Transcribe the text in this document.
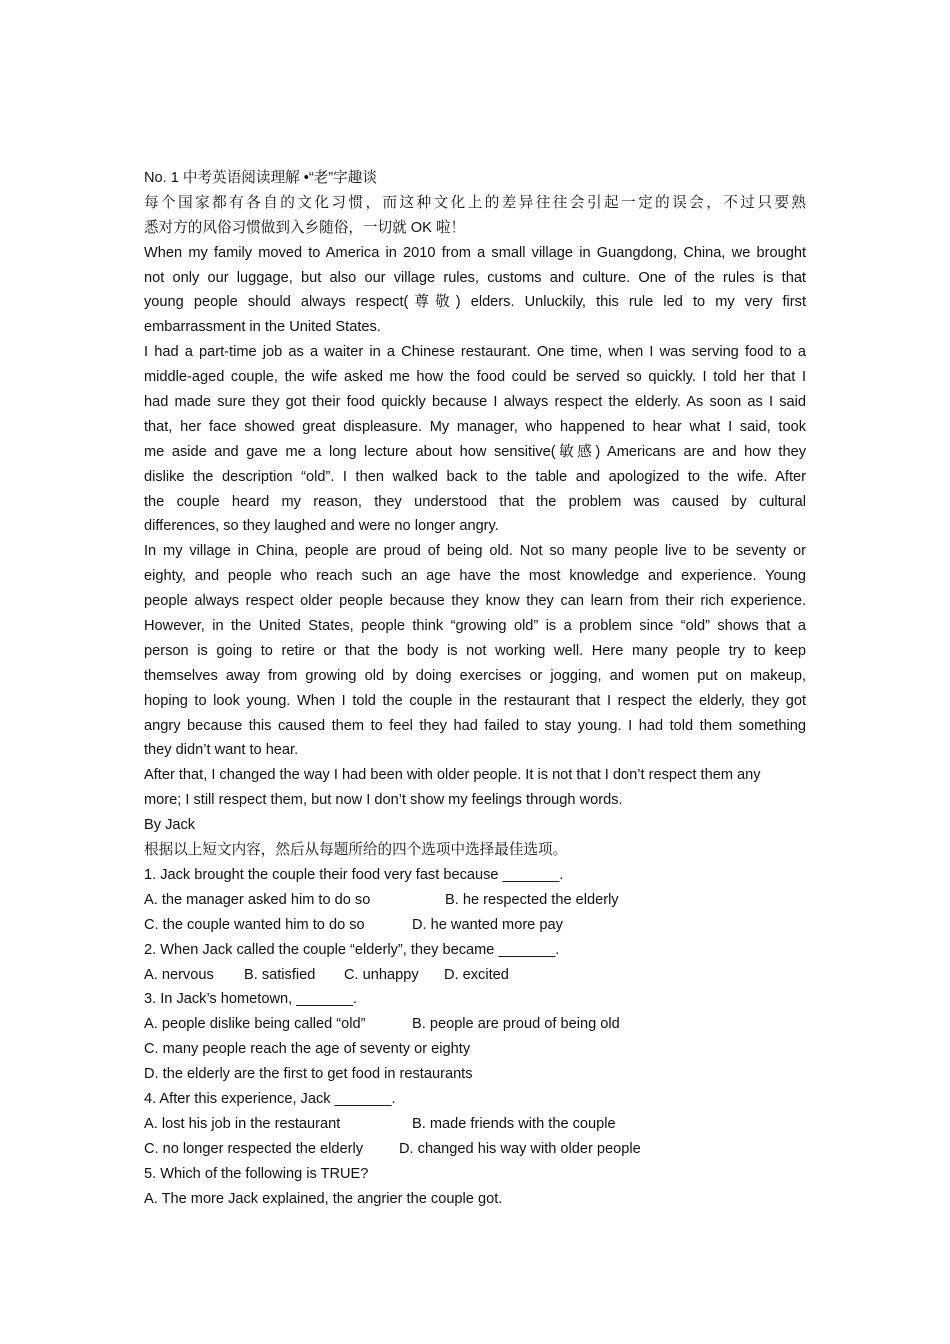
No. 1 中考英语阅读理解 •“老”字趣谈
每个国家都有各自的文化习惯，而这种文化上的差异往往会引起一定的误会，不过只要熟
悉对方的风俗习惯做到入乡随俗，一切就 OK 啦！
When my family moved to America in 2010 from a small village in Guangdong, China, we brought
not only our luggage, but also our village rules, customs and culture. One of the rules is that
young people should always respect(尊敬) elders. Unluckily, this rule led to my very first
embarrassment in the United States.
I had a part-time job as a waiter in a Chinese restaurant. One time, when I was serving food to a
middle-aged couple, the wife asked me how the food could be served so quickly. I told her that I
had made sure they got their food quickly because I always respect the elderly. As soon as I said
that, her face showed great displeasure. My manager, who happened to hear what I said, took
me aside and gave me a long lecture about how sensitive(敏感) Americans are and how they
dislike the description “old”. I then walked back to the table and apologized to the wife. After
the couple heard my reason, they understood that the problem was caused by cultural
differences, so they laughed and were no longer angry.
In my village in China, people are proud of being old. Not so many people live to be seventy or
eighty, and people who reach such an age have the most knowledge and experience. Young
people always respect older people because they know they can learn from their rich experience.
However, in the United States, people think “growing old” is a problem since “old” shows that a
person is going to retire or that the body is not working well. Here many people try to keep
themselves away from growing old by doing exercises or jogging, and women put on makeup,
hoping to look young. When I told the couple in the restaurant that I respect the elderly, they got
angry because this caused them to feel they had failed to stay young. I had told them something
they didn’t want to hear.
After that, I changed the way I had been with older people. It is not that I don’t respect them any
more; I still respect them, but now I don’t show my feelings through words.
By Jack
根据以上短文内容，然后从每题所给的四个选项中选择最佳选项。
1. Jack brought the couple their food very fast because _______.
A. the manager asked him to do so	B. he respected the elderly
C. the couple wanted him to do so	D. he wanted more pay
2. When Jack called the couple “elderly”, they became _______.
A. nervous B. satisfied C. unhappy D. excited
3. In Jack’s hometown, _______.
A. people dislike being called “old”	B. people are proud of being old
C. many people reach the age of seventy or eighty
D. the elderly are the first to get food in restaurants
4. After this experience, Jack _______.
A. lost his job in the restaurant	B. made friends with the couple
C. no longer respected the elderly D. changed his way with older people
5. Which of the following is TRUE?
A. The more Jack explained, the angrier the couple got.
